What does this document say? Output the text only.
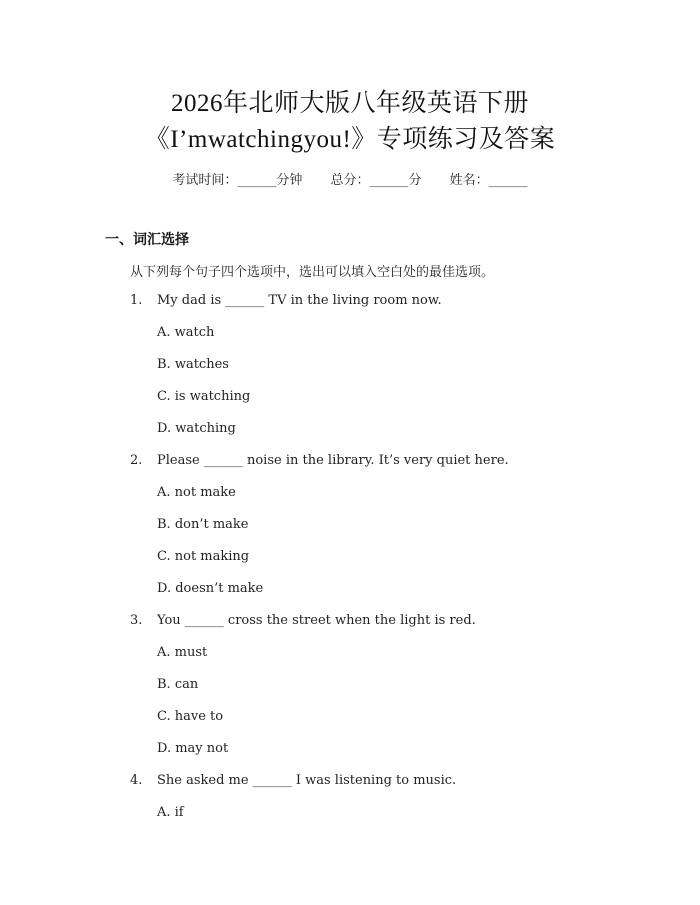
2026年北师大版八年级英语下册
《I’mwatchingyou!》专项练习及答案
考试时间：______分钟 总分：______分 姓名：______
一、词汇选择
从下列每个句子四个选项中，选出可以填入空白处的最佳选项。
1. My dad is ______ TV in the living room now.
A. watch
B. watches
C. is watching
D. watching
2. Please ______ noise in the library. It’s very quiet here.
A. not make
B. don’t make
C. not making
D. doesn’t make
3. You ______ cross the street when the light is red.
A. must
B. can
C. have to
D. may not
4. She asked me ______ I was listening to music.
A. if
